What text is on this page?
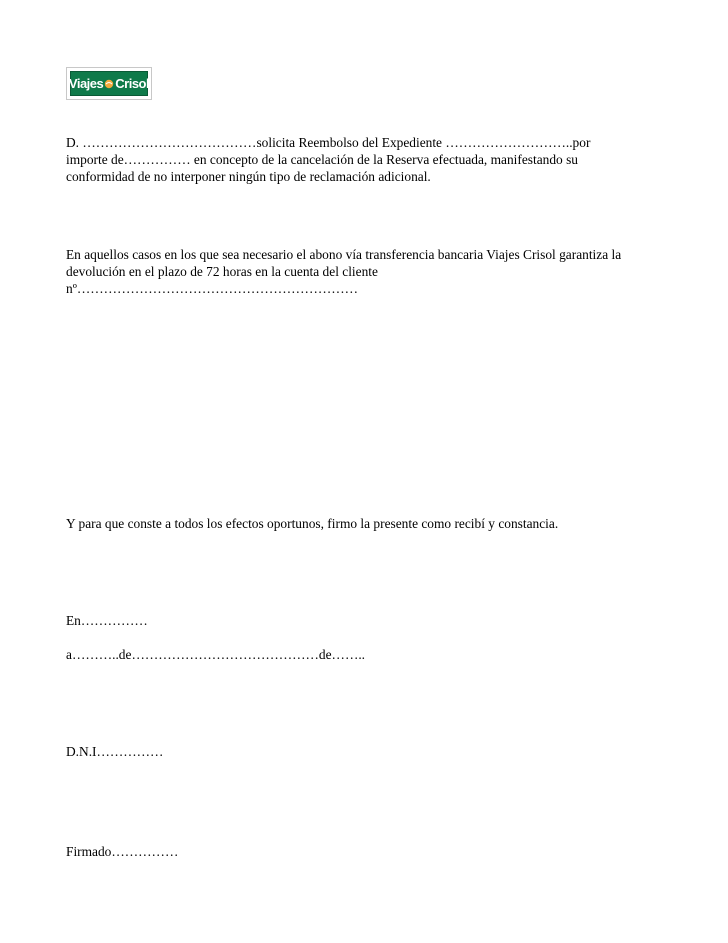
Viajes Crisol

D. …………………………………solicita Reembolso del Expediente ………………………..por

importe de…………… en concepto de la cancelación de la Reserva efectuada, manifestando su

conformidad de no interponer ningún tipo de reclamación adicional.

En aquellos casos en los que sea necesario el abono vía transferencia bancaria Viajes Crisol garantiza la

devolución en el plazo de 72 horas en la cuenta del cliente

nº………………………………………………………

Y para que conste a todos los efectos oportunos, firmo la presente como recibí y constancia.

En……………

a………..de……………………………………de……..

D.N.I……………

Firmado……………
